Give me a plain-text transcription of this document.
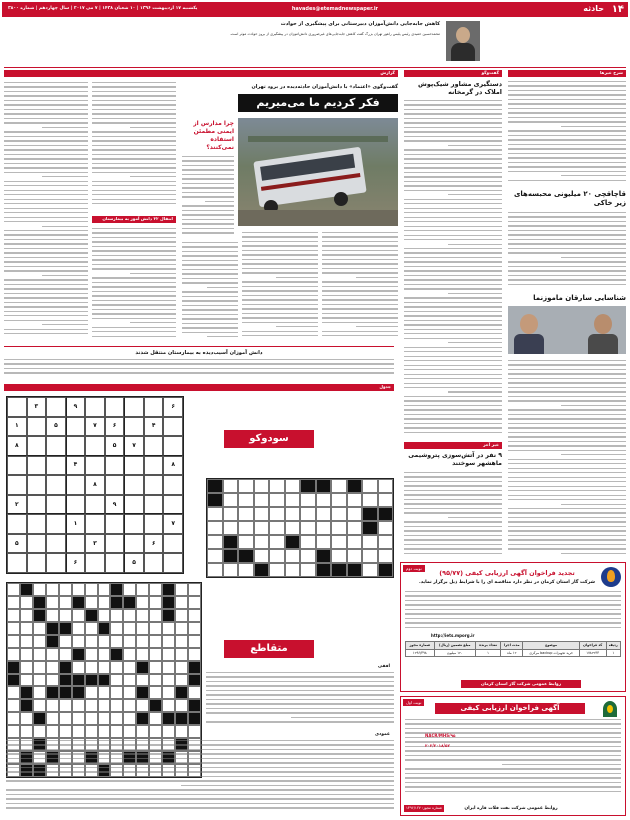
۱۴
حادثه
havades@etemadnewspaper.ir
یکشنبه ۱۷ اردیبهشت ۱۳۹۶ | ۱۰ شعبان ۱۴۳۸ | ۷ می ۲۰۱۷ | سال چهاردهم | شماره ۳۸۰۰
کاهش جابه‌جایی دانش‌آموزان دبیرستانی برای پیشگیری از حوادث
محمدحسین حمیدی رئیس پلیس راهور تهران بزرگ گفت کاهش جابه‌جایی‌های غیرضروری دانش‌آموزان در پیشگیری از بروز حوادث موثر است.
شرح خبرها
قاچاقچی ۲۰ میلیونی محبسه‌های زیر خاکی
شناسایی سارقان ماموزنما
گفت‌وگو
دستگیری مشاور شیک‌پوش املاک در گرمخانه
خبر آخر
۹ نفر در آتش‌سوزی پتروشیمی ماهشهر سوختند
گزارش
گفت‌وگوی «اعتماد» با دانش‌آموزان حادثه‌دیده در برود تهران
فکر کردیم ما می‌میریم
چرا مدارس از ایمنی مطمئن استفاده نمی‌کنند؟
انتقال ۳۲ دانش آموز به بیمارستان
دانش آموزان آسیب‌دیده به بیمارستان منتقل شدند
جدول
۶
۹
۳
۴
۶
۷
۵
۱
۷
۵
۸
۸
۴
۸
۹
۲
۷
۱
۶
۳
۵
۵
۶
سودوکو
متقاطع
افقی
عمودی
نوبت دوم
تجدید فراخوان آگهی ارزیابی کیفی (۹۵/۷۷)
شرکت گاز استان کرمان در نظر دارد مناقصه ای را با شرایط ذیل برگزار نماید.
http://iets.mporg.ir
ردیف	کد فراخوان	موضوع	مدت اجرا	تعداد برنده	مبلغ تضمین (ریال)	شماره مجوز
۱	۱۷۸۲۲۳۳	خرید تجهیزات backup مرکزی	۱۲ ماه	۱	۱۲۰ میلیون	۱۲۹۶/۳۹۸
روابط عمومی شرکت گاز استان کرمان
نوبت اول
آگهی فراخوان ارزیابی کیفی
NACR/MHS/۹۵
۲۰۲/۲۰۱۸/۵۲
روابط عمومی شرکت نفت فلات قاره ایران
شماره مجوز: ۱۳۹۶/۱۲۷
